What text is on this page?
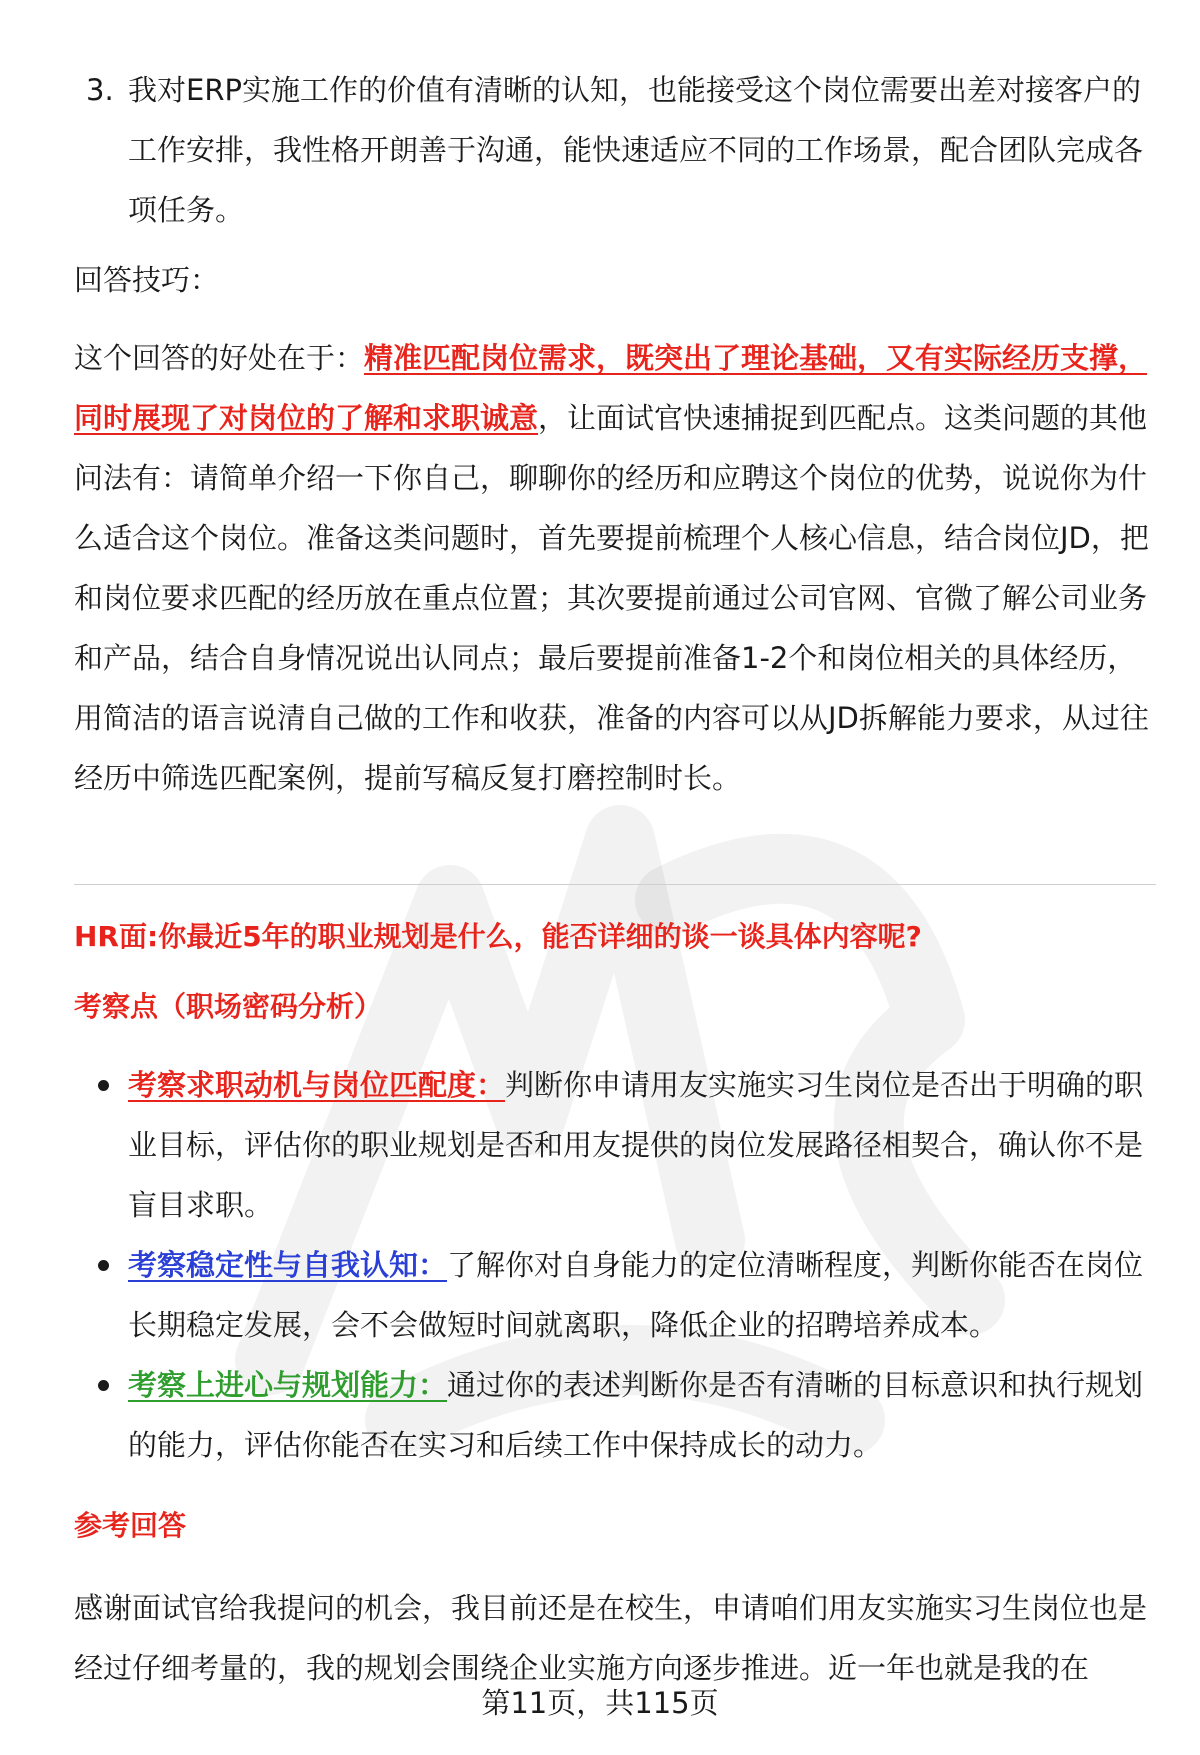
3. 我对ERP实施工作的价值有清晰的认知，也能接受这个岗位需要出差对接客户的工作安排，我性格开朗善于沟通，能快速适应不同的工作场景，配合团队完成各项任务。
回答技巧：
这个回答的好处在于：精准匹配岗位需求，既突出了理论基础，又有实际经历支撑，同时展现了对岗位的了解和求职诚意，让面试官快速捕捉到匹配点。这类问题的其他问法有：请简单介绍一下你自己，聊聊你的经历和应聘这个岗位的优势，说说你为什么适合这个岗位。准备这类问题时，首先要提前梳理个人核心信息，结合岗位JD，把和岗位要求匹配的经历放在重点位置；其次要提前通过公司官网、官微了解公司业务和产品，结合自身情况说出认同点；最后要提前准备1-2个和岗位相关的具体经历，用简洁的语言说清自己做的工作和收获，准备的内容可以从JD拆解能力要求，从过往经历中筛选匹配案例，提前写稿反复打磨控制时长。
HR面:你最近5年的职业规划是什么，能否详细的谈一谈具体内容呢?
考察点（职场密码分析）
考察求职动机与岗位匹配度：判断你申请用友实施实习生岗位是否出于明确的职业目标，评估你的职业规划是否和用友提供的岗位发展路径相契合，确认你不是盲目求职。
考察稳定性与自我认知：了解你对自身能力的定位清晰程度，判断你能否在岗位长期稳定发展，会不会做短时间就离职，降低企业的招聘培养成本。
考察上进心与规划能力：通过你的表述判断你是否有清晰的目标意识和执行规划的能力，评估你能否在实习和后续工作中保持成长的动力。
参考回答
感谢面试官给我提问的机会，我目前还是在校生，申请咱们用友实施实习生岗位也是经过仔细考量的，我的规划会围绕企业实施方向逐步推进。近一年也就是我的在
第11页，共115页
